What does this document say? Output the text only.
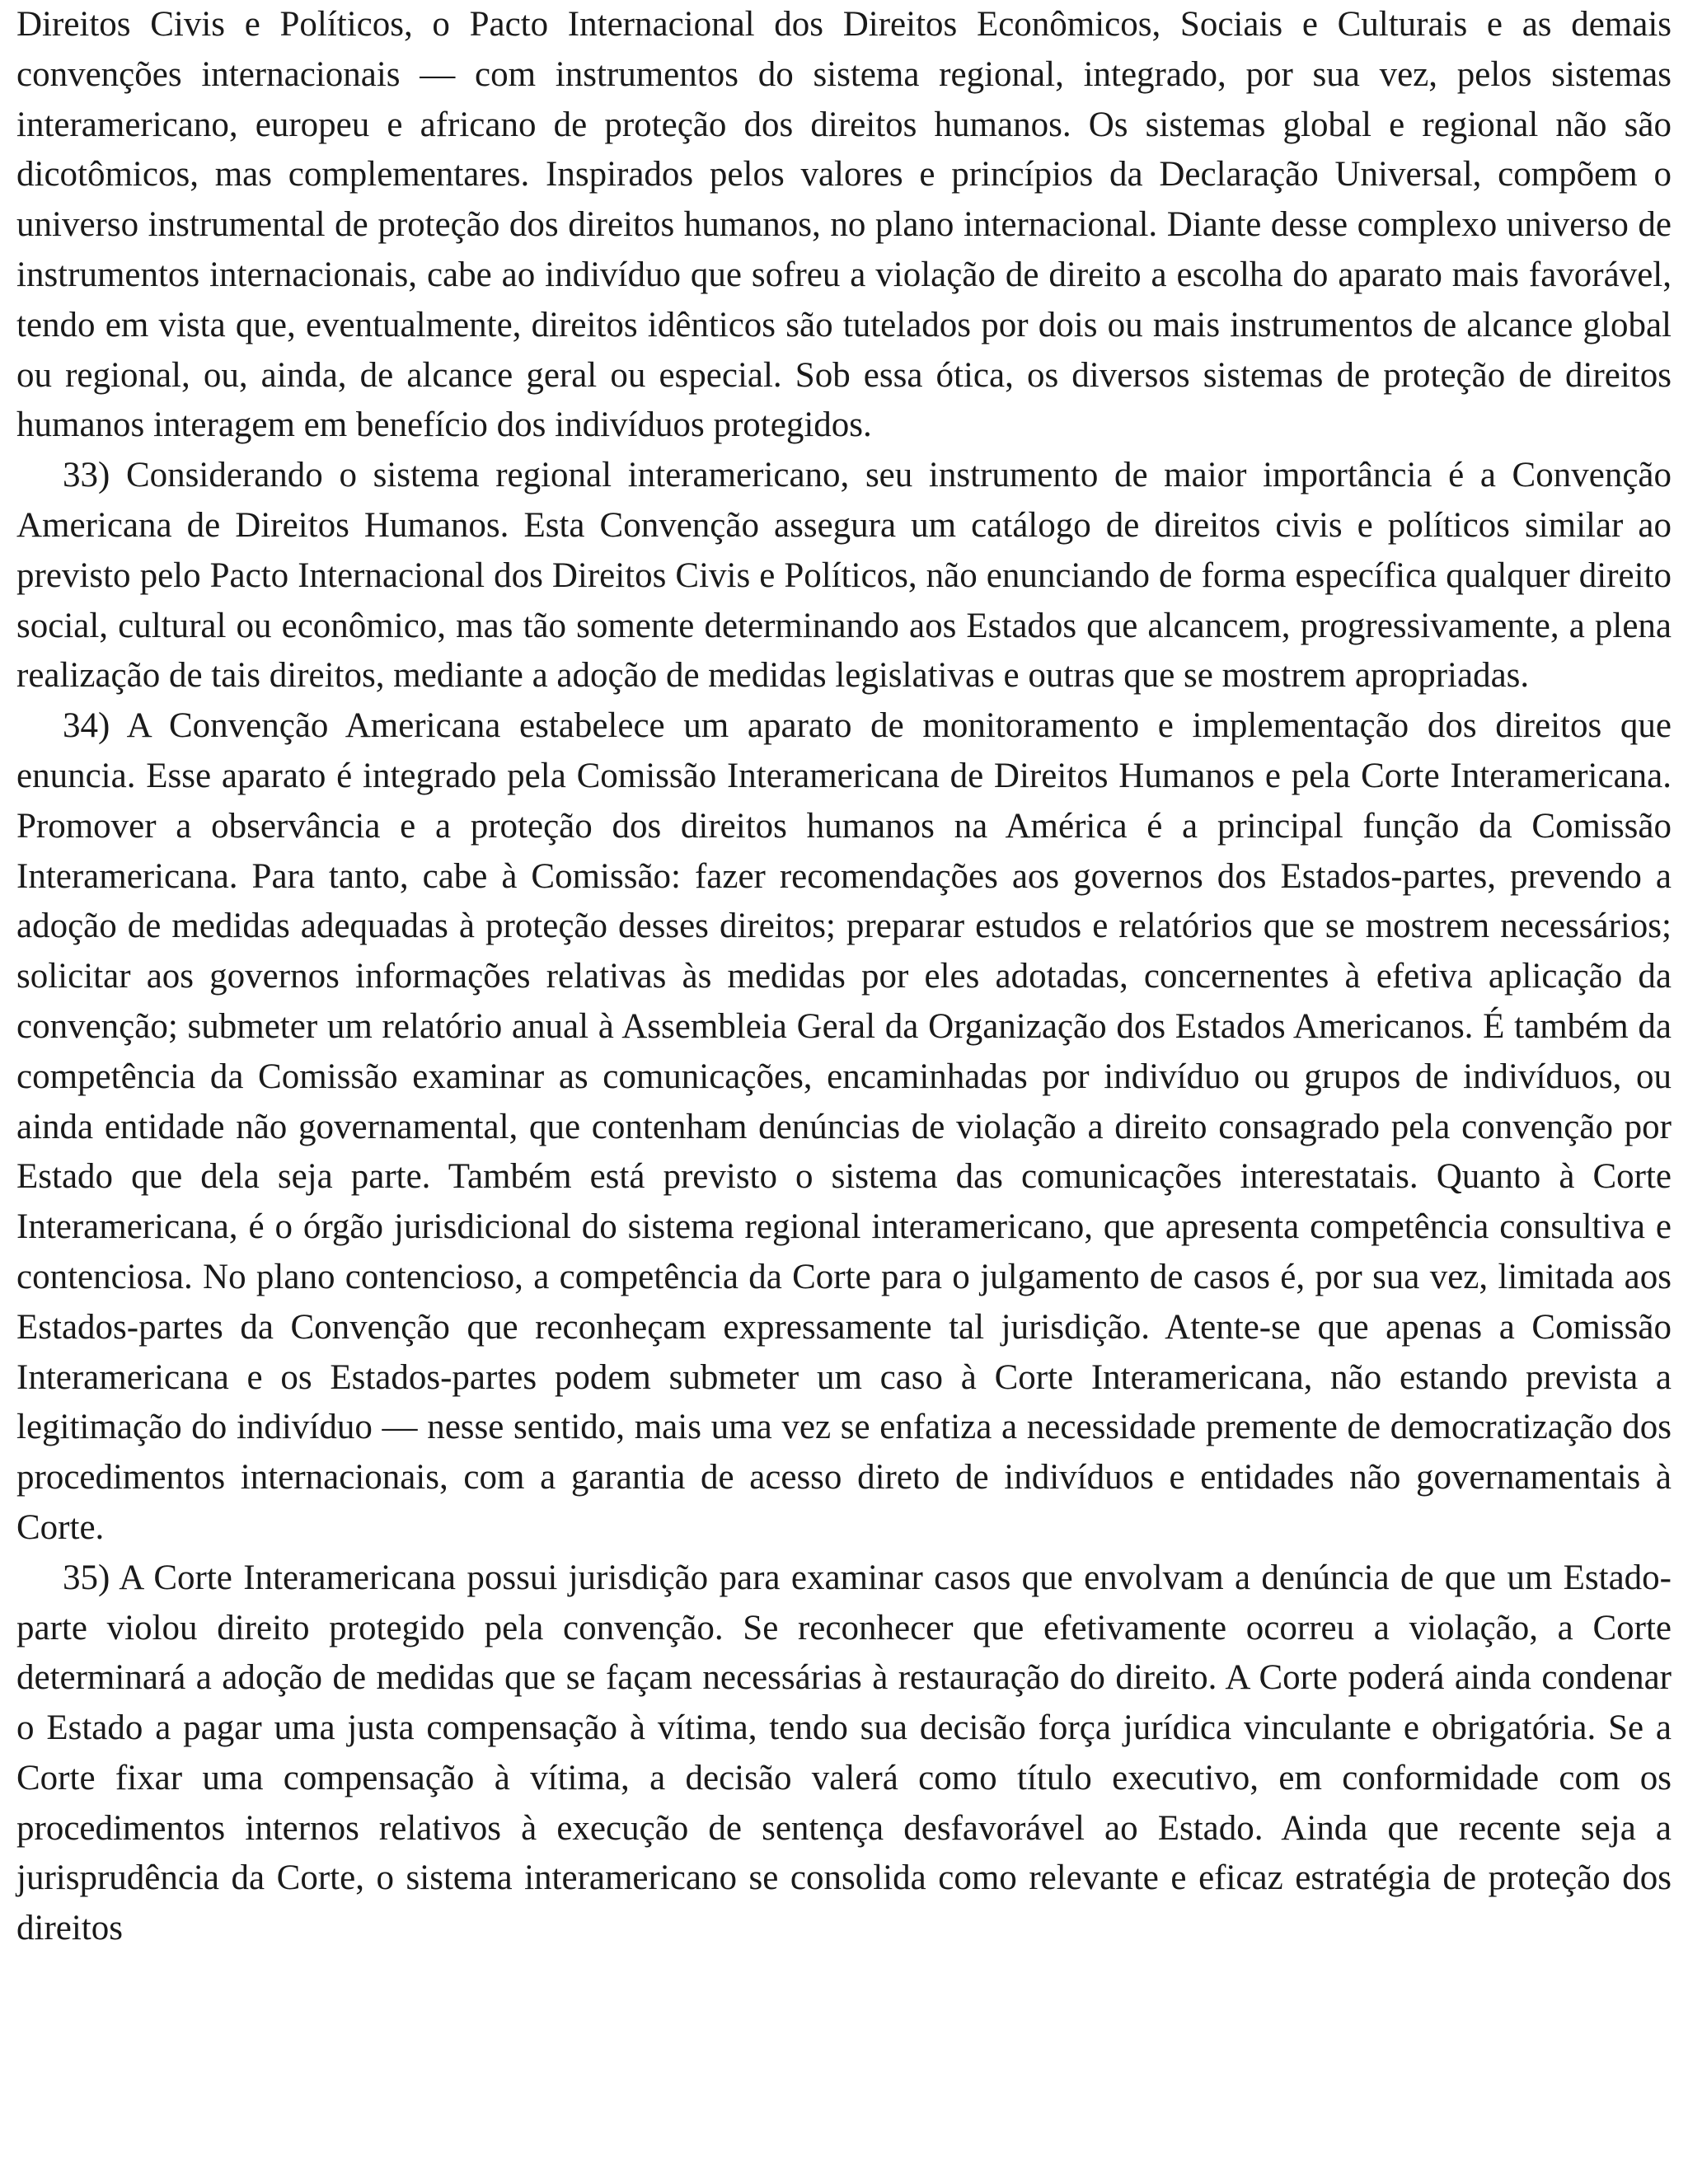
Direitos Civis e Políticos, o Pacto Internacional dos Direitos Econômicos, Sociais e Culturais e as demais convenções internacionais — com instrumentos do sistema regional, integrado, por sua vez, pelos sistemas interamericano, europeu e africano de proteção dos direitos humanos. Os sistemas global e regional não são dicotômicos, mas complementares. Inspirados pelos valores e princípios da Declaração Universal, compõem o universo instrumental de proteção dos direitos humanos, no plano internacional. Diante desse complexo universo de instrumentos internacionais, cabe ao indivíduo que sofreu a violação de direito a escolha do aparato mais favorável, tendo em vista que, eventualmente, direitos idênticos são tutelados por dois ou mais instrumentos de alcance global ou regional, ou, ainda, de alcance geral ou especial. Sob essa ótica, os diversos sistemas de proteção de direitos humanos interagem em benefício dos indivíduos protegidos.

33) Considerando o sistema regional interamericano, seu instrumento de maior importância é a Convenção Americana de Direitos Humanos. Esta Convenção assegura um catálogo de direitos civis e políticos similar ao previsto pelo Pacto Internacional dos Direitos Civis e Políticos, não enunciando de forma específica qualquer direito social, cultural ou econômico, mas tão somente determinando aos Estados que alcancem, progressivamente, a plena realização de tais direitos, mediante a adoção de medidas legislativas e outras que se mostrem apropriadas.

34) A Convenção Americana estabelece um aparato de monitoramento e implementação dos direitos que enuncia. Esse aparato é integrado pela Comissão Interamericana de Direitos Humanos e pela Corte Interamericana. Promover a observância e a proteção dos direitos humanos na América é a principal função da Comissão Interamericana. Para tanto, cabe à Comissão: fazer recomendações aos governos dos Estados-partes, prevendo a adoção de medidas adequadas à proteção desses direitos; preparar estudos e relatórios que se mostrem necessários; solicitar aos governos informações relativas às medidas por eles adotadas, concernentes à efetiva aplicação da convenção; submeter um relatório anual à Assembleia Geral da Organização dos Estados Americanos. É também da competência da Comissão examinar as comunicações, encaminhadas por indivíduo ou grupos de indivíduos, ou ainda entidade não governamental, que contenham denúncias de violação a direito consagrado pela convenção por Estado que dela seja parte. Também está previsto o sistema das comunicações interestatais. Quanto à Corte Interamericana, é o órgão jurisdicional do sistema regional interamericano, que apresenta competência consultiva e contenciosa. No plano contencioso, a competência da Corte para o julgamento de casos é, por sua vez, limitada aos Estados-partes da Convenção que reconheçam expressamente tal jurisdição. Atente-se que apenas a Comissão Interamericana e os Estados-partes podem submeter um caso à Corte Interamericana, não estando prevista a legitimação do indivíduo — nesse sentido, mais uma vez se enfatiza a necessidade premente de democratização dos procedimentos internacionais, com a garantia de acesso direto de indivíduos e entidades não governamentais à Corte.

35) A Corte Interamericana possui jurisdição para examinar casos que envolvam a denúncia de que um Estado-parte violou direito protegido pela convenção. Se reconhecer que efetivamente ocorreu a violação, a Corte determinará a adoção de medidas que se façam necessárias à restauração do direito. A Corte poderá ainda condenar o Estado a pagar uma justa compensação à vítima, tendo sua decisão força jurídica vinculante e obrigatória. Se a Corte fixar uma compensação à vítima, a decisão valerá como título executivo, em conformidade com os procedimentos internos relativos à execução de sentença desfavorável ao Estado. Ainda que recente seja a jurisprudência da Corte, o sistema interamericano se consolida como relevante e eficaz estratégia de proteção dos direitos
